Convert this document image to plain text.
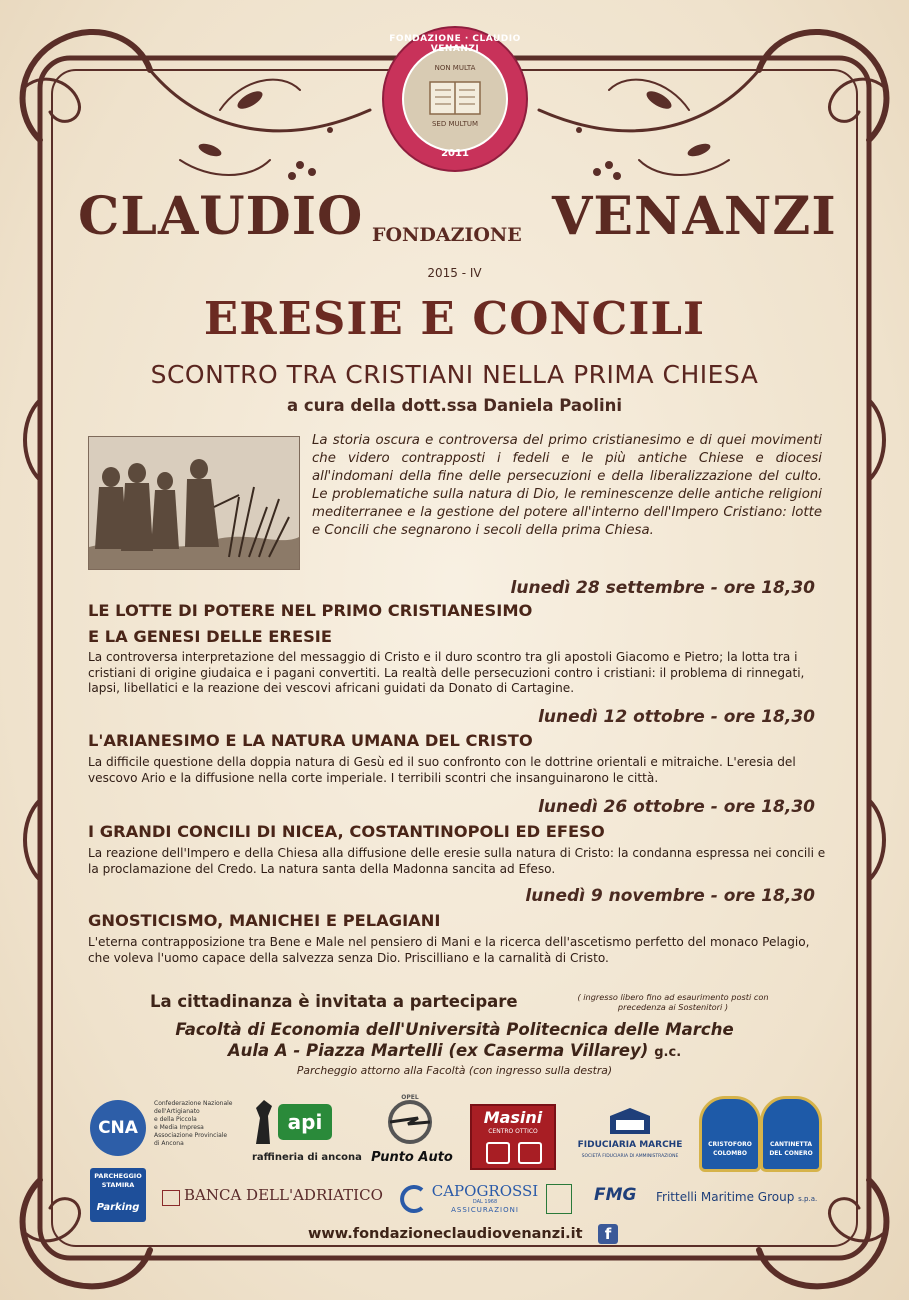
FONDAZIONE · CLAUDIO VENANZI
NON MULTA
SED MULTUM
2011
CLAUDIO FONDAZIONE VENANZI
2015 - IV
ERESIE E CONCILI
SCONTRO TRA CRISTIANI NELLA PRIMA CHIESA
a cura della dott.ssa Daniela Paolini
La storia oscura e controversa del primo cristianesimo e di quei movimenti che videro contrapposti i fedeli e le più antiche Chiese e diocesi all'indomani della fine delle persecuzioni e della liberalizzazione del culto. Le problematiche sulla natura di Dio, le reminescenze delle antiche religioni mediterranee e la gestione del potere all'interno dell'Impero Cristiano: lotte e Concili che segnarono i secoli della prima Chiesa.
lunedì 28 settembre - ore 18,30
LE LOTTE DI POTERE NEL PRIMO CRISTIANESIMO
E LA GENESI DELLE ERESIE
La controversa interpretazione del messaggio di Cristo e il duro scontro tra gli apostoli Giacomo e Pietro; la lotta tra i cristiani di origine giudaica e i pagani convertiti. La realtà delle persecuzioni contro i cristiani: il problema di rinnegati, lapsi, libellatici e la reazione dei vescovi africani guidati da Donato di Cartagine.
lunedì 12 ottobre - ore 18,30
L'ARIANESIMO E LA NATURA UMANA DEL CRISTO
La difficile questione della doppia natura di Gesù ed il suo confronto con le dottrine orientali e mitraiche. L'eresia del vescovo Ario e la diffusione nella corte imperiale. I terribili scontri che insanguinarono le città.
lunedì 26 ottobre - ore 18,30
I GRANDI CONCILI DI NICEA, COSTANTINOPOLI ED EFESO
La reazione dell'Impero e della Chiesa alla diffusione delle eresie sulla natura di Cristo: la condanna espressa nei concili e la proclamazione del Credo. La natura santa della Madonna sancita ad Efeso.
lunedì 9 novembre - ore 18,30
GNOSTICISMO, MANICHEI E PELAGIANI
L'eterna contrapposizione tra Bene e Male nel pensiero di Mani e la ricerca dell'ascetismo perfetto del monaco Pelagio, che voleva l'uomo capace della salvezza senza Dio. Priscilliano e la carnalità di Cristo.
La cittadinanza è invitata a partecipare	( ingresso libero fino ad esaurimento posti con precedenza ai Sostenitori )
Facoltà di Economia dell'Università Politecnica delle Marche
Aula A - Piazza Martelli (ex Caserma Villarey) g.c.
Parcheggio attorno alla Facoltà (con ingresso sulla destra)
CNA
Confederazione Nazionale
dell'Artigianato
e della Piccola
e Media Impresa
Associazione Provinciale
di Ancona
api
raffineria di ancona
OPEL
Punto Auto
Masini
CENTRO OTTICO
FIDUCIARIA MARCHE
SOCIETÀ FIDUCIARIA DI AMMINISTRAZIONE
CRISTOFORO
COLOMBO
CANTINETTA
DEL CONERO
PARCHEGGIO
STAMIRA
Parking
BANCA DELL'ADRIATICO	CAPOGROSSI
DAL 1968
ASSICURAZIONI
FMG	Frittelli Maritime Group s.p.a.
www.fondazioneclaudiovenanzi.it	f
